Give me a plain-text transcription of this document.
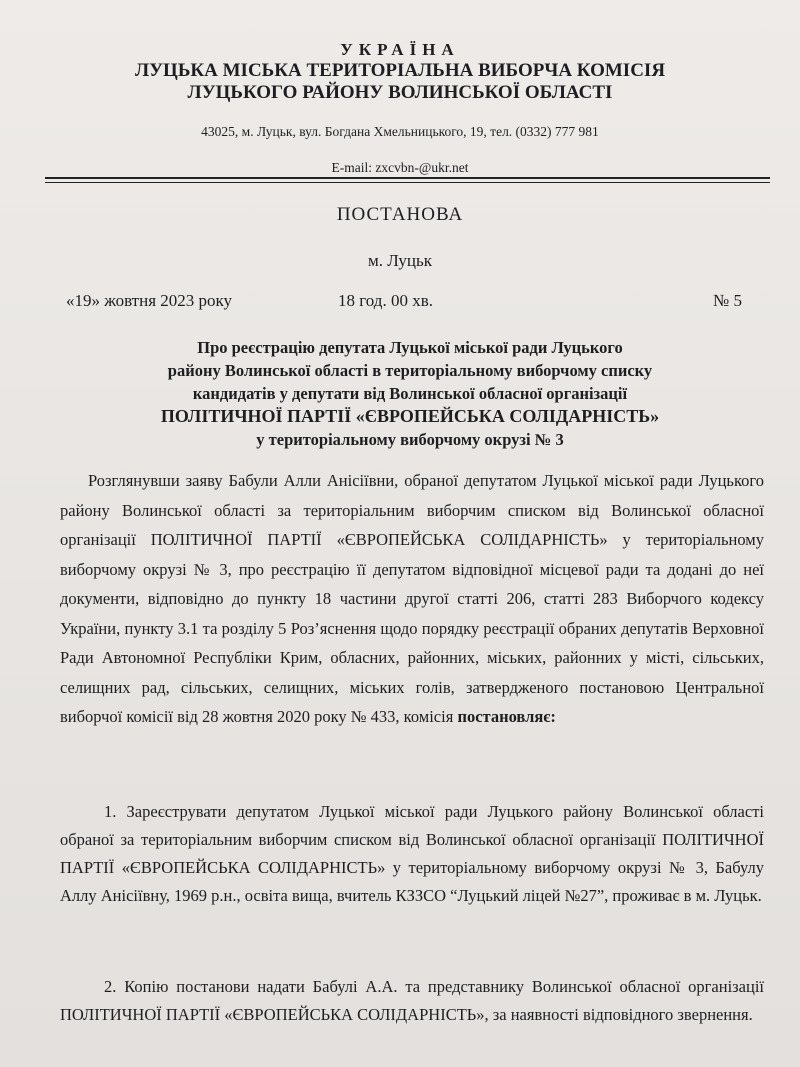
УКРАЇНА
ЛУЦЬКА МІСЬКА ТЕРИТОРІАЛЬНА ВИБОРЧА КОМІСІЯ
ЛУЦЬКОГО РАЙОНУ ВОЛИНСЬКОЇ ОБЛАСТІ
43025, м. Луцьк, вул. Богдана Хмельницького, 19, тел. (0332) 777 981
E-mail: zxcvbn-@ukr.net
ПОСТАНОВА
м. Луцьк
«19» жовтня 2023 року	18 год. 00 хв.	№ 5
Про реєстрацію депутата Луцької міської ради Луцького
району Волинської області в територіальному виборчому списку
кандидатів у депутати від Волинської обласної організації
ПОЛІТИЧНОЇ ПАРТІЇ «ЄВРОПЕЙСЬКА СОЛІДАРНІСТЬ»
у територіальному виборчому окрузі № 3
Розглянувши заяву Бабули Алли Анісіївни, обраної депутатом Луцької міської ради Луцького району Волинської області за територіальним виборчим списком від Волинської обласної організації ПОЛІТИЧНОЇ ПАРТІЇ «ЄВРОПЕЙСЬКА СОЛІДАРНІСТЬ» у територіальному виборчому окрузі № 3, про реєстрацію її депутатом відповідної місцевої ради та додані до неї документи, відповідно до пункту 18 частини другої статті 206, статті 283 Виборчого кодексу України, пункту 3.1 та розділу 5 Роз’яснення щодо порядку реєстрації обраних депутатів Верховної Ради Автономної Республіки Крим, обласних, районних, міських, районних у місті, сільських, селищних рад, сільських, селищних, міських голів, затвердженого постановою Центральної виборчої комісії від 28 жовтня 2020 року № 433, комісія постановляє:
1. Зареєструвати депутатом Луцької міської ради Луцького району Волинської області обраної за територіальним виборчим списком від Волинської обласної організації ПОЛІТИЧНОЇ ПАРТІЇ «ЄВРОПЕЙСЬКА СОЛІДАРНІСТЬ» у територіальному виборчому окрузі № 3, Бабулу Аллу Анісіївну, 1969 р.н., освіта вища, вчитель КЗЗСО “Луцький ліцей №27”, проживає в м. Луцьк.
2. Копію постанови надати Бабулі А.А. та представнику Волинської обласної організації ПОЛІТИЧНОЇ ПАРТІЇ «ЄВРОПЕЙСЬКА СОЛІДАРНІСТЬ», за наявності відповідного звернення.
